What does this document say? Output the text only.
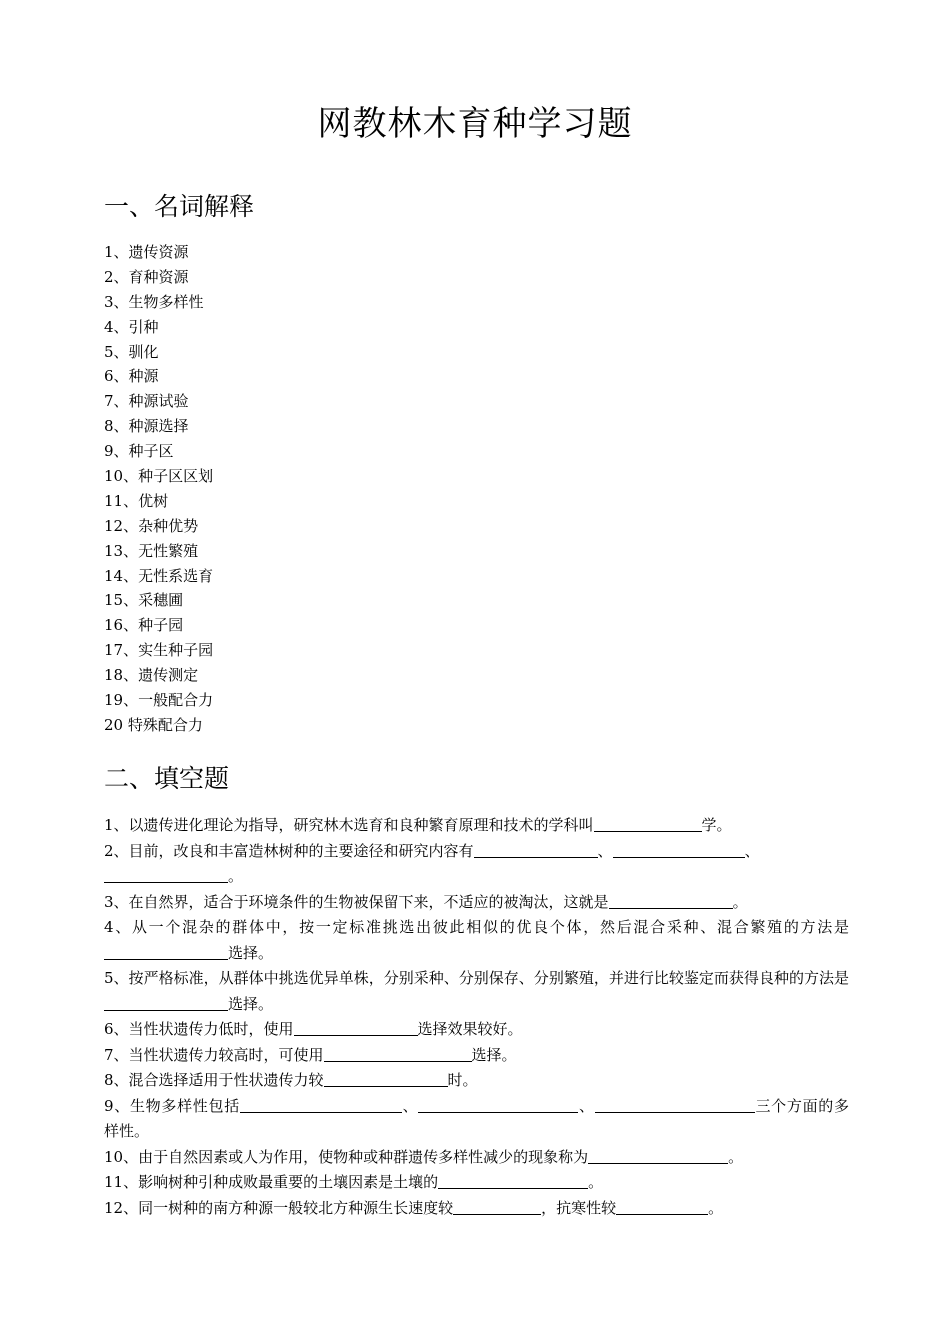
网教林木育种学习题
一、名词解释
1、遗传资源
2、育种资源
3、生物多样性
4、引种
5、驯化
6、种源
7、种源试验
8、种源选择
9、种子区
10、种子区区划
11、优树
12、杂种优势
13、无性繁殖
14、无性系选育
15、采穗圃
16、种子园
17、实生种子园
18、遗传测定
19、一般配合力
20 特殊配合力
二、填空题
1、以遗传进化理论为指导，研究林木选育和良种繁育原理和技术的学科叫	学。
2、目前，改良和丰富造林树种的主要途径和研究内容有	、	、
。
3、在自然界，适合于环境条件的生物被保留下来，不适应的被淘汰，这就是	。
4、从一个混杂的群体中，按一定标准挑选出彼此相似的优良个体，然后混合采种、混合繁殖的方法是选择。
5、按严格标准，从群体中挑选优异单株，分别采种、分别保存、分别繁殖，并进行比较鉴定而获得良种的方法是选择。
6、当性状遗传力低时，使用	选择效果较好。
7、当性状遗传力较高时，可使用	选择。
8、混合选择适用于性状遗传力较	时。
9、生物多样性包括	、	、	三个方面的多样性。
10、由于自然因素或人为作用，使物种或种群遗传多样性减少的现象称为	。
11、影响树种引种成败最重要的土壤因素是土壤的	。
12、同一树种的南方种源一般较北方种源生长速度较	，抗寒性较	。
